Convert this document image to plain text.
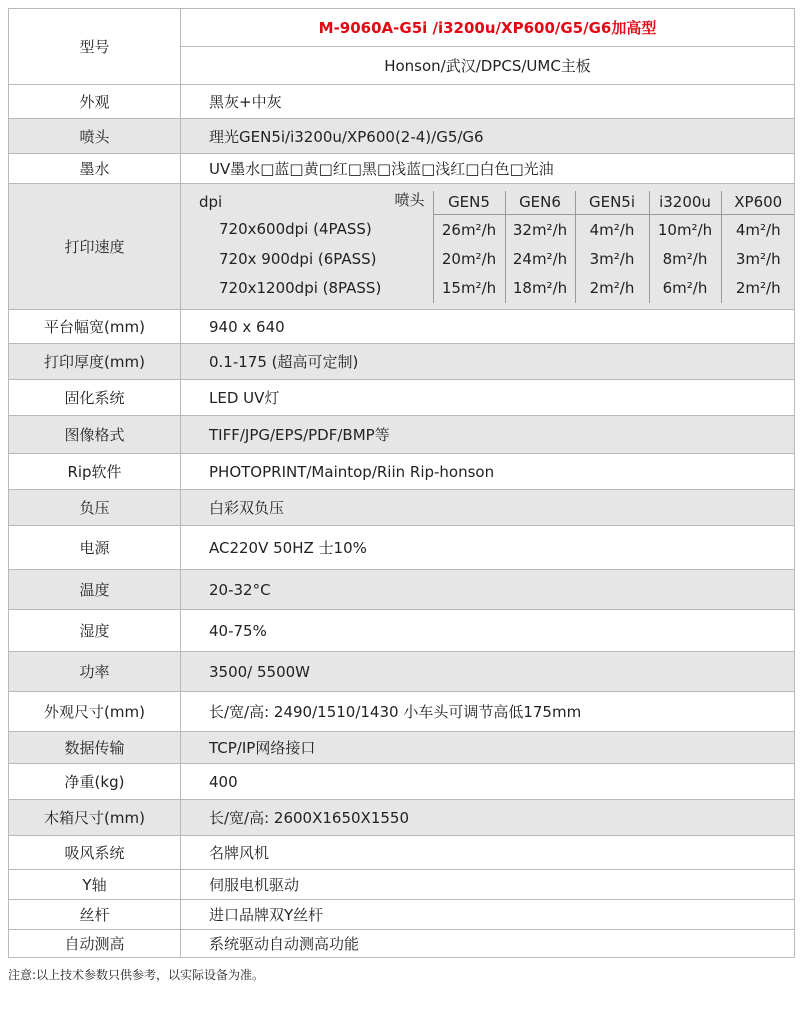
型号	M-9060A-G5i /i3200u/XP600/G5/G6加高型
Honson/武汉/DPCS/UMC主板
外观	黑灰+中灰
喷头	理光GEN5i/i3200u/XP600(2-4)/G5/G6
墨水	UV墨水□蓝□黄□红□黑□浅蓝□浅红□白色□光油
打印速度	
dpi	喷头	GEN5	GEN6	GEN5i	i3200u	XP600
720x600dpi (4PASS)	26m²/h	32m²/h	4m²/h	10m²/h	4m²/h
720x 900dpi (6PASS)	20m²/h	24m²/h	3m²/h	8m²/h	3m²/h
720x1200dpi (8PASS)	15m²/h	18m²/h	2m²/h	6m²/h	2m²/h

平台幅宽(mm)	940 x 640
打印厚度(mm)	0.1-175 (超高可定制)
固化系统	LED UV灯
图像格式	TIFF/JPG/EPS/PDF/BMP等
Rip软件	PHOTOPRINT/Maintop/Riin Rip-honson
负压	白彩双负压
电源	AC220V 50HZ 士10%
温度	20-32°C
湿度	40-75%
功率	3500/ 5500W
外观尺寸(mm)	长/宽/高: 2490/1510/1430 小车头可调节高低175mm
数据传输	TCP/IP网络接口
净重(kg)	400
木箱尺寸(mm)	长/宽/高: 2600X1650X1550
吸风系统	名牌风机
Y轴	伺服电机驱动
丝杆	进口品牌双Y丝杆
自动测高	系统驱动自动测高功能
注意:以上技术参数只供参考，以实际设备为准。
